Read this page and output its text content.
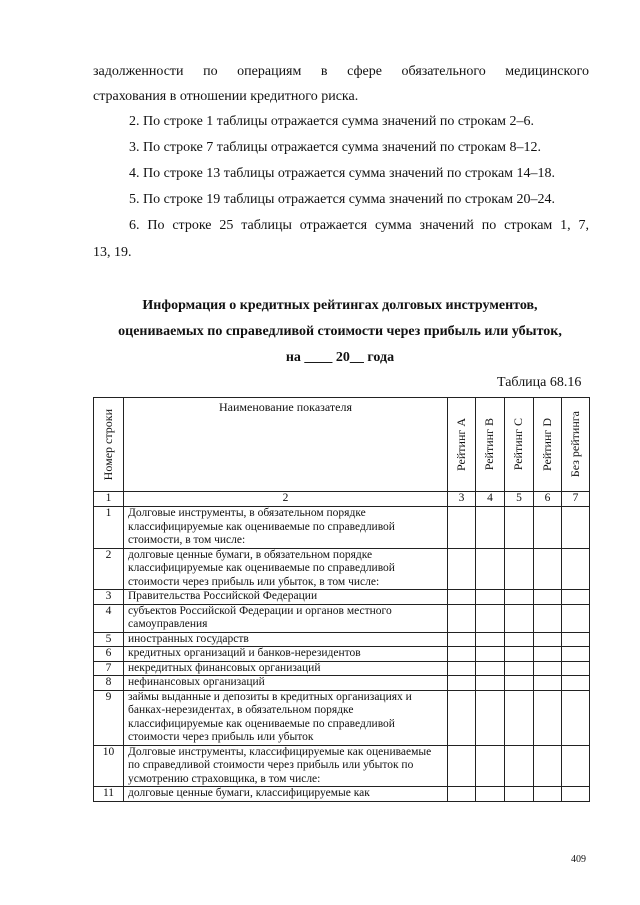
задолженности по операциям в сфере обязательного медицинского
страхования в отношении кредитного риска.
2. По строке 1 таблицы отражается сумма значений по строкам 2–6.
3. По строке 7 таблицы отражается сумма значений по строкам 8–12.
4. По строке 13 таблицы отражается сумма значений по строкам 14–18.
5. По строке 19 таблицы отражается сумма значений по строкам 20–24.
6. По строке 25 таблицы отражается сумма значений по строкам 1, 7,
13, 19.
Информация о кредитных рейтингах долговых инструментов,
оцениваемых по справедливой стоимости через прибыль или убыток,
на ____ 20__ года
Таблица 68.16
Номер строки	Наименование показателя	Рейтинг A	Рейтинг B	Рейтинг C	Рейтинг D	Без рейтинга

1	2	3	4	5	6	7
1	Долговые инструменты, в обязательном порядке классифицируемые как оцениваемые по справедливой стоимости, в том числе:					
2	долговые ценные бумаги, в обязательном порядке классифицируемые как оцениваемые по справедливой стоимости через прибыль или убыток, в том числе:					
3	Правительства Российской Федерации					
4	субъектов Российской Федерации и органов местного самоуправления					
5	иностранных государств					
6	кредитных организаций и банков-нерезидентов					
7	некредитных финансовых организаций					
8	нефинансовых организаций					
9	займы выданные и депозиты в кредитных организациях и банках-нерезидентах, в обязательном порядке классифицируемые как оцениваемые по справедливой стоимости через прибыль или убыток					
10	Долговые инструменты, классифицируемые как оцениваемые по справедливой стоимости через прибыль или убыток по усмотрению страховщика, в том числе:					
11	долговые ценные бумаги, классифицируемые как					
409
